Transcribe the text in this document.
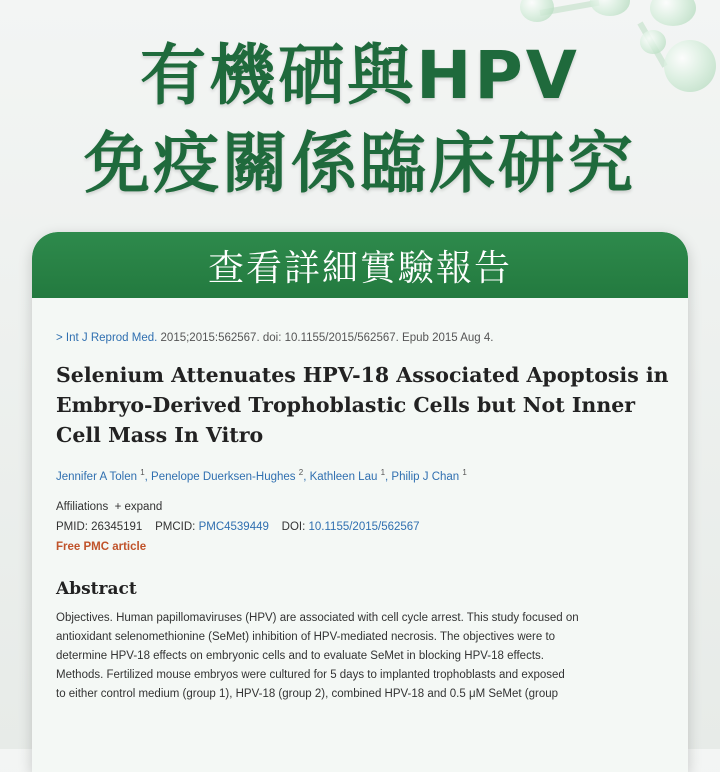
有機硒與HPV
免疫關係臨床研究
查看詳細實驗報告
> Int J Reprod Med. 2015;2015:562567. doi: 10.1155/2015/562567. Epub 2015 Aug 4.
Selenium Attenuates HPV-18 Associated Apoptosis in Embryo-Derived Trophoblastic Cells but Not Inner Cell Mass In Vitro
Jennifer A Tolen $^1$, Penelope Duerksen-Hughes $^2$, Kathleen Lau $^1$, Philip J Chan $^1$
Affiliations + expand
PMID: 26345191 PMCID: PMC4539449 DOI: 10.1155/2015/562567
Free PMC article
Abstract

Objectives. Human papillomaviruses (HPV) are associated with cell cycle arrest. This study focused on

antioxidant selenomethionine (SeMet) inhibition of HPV-mediated necrosis. The objectives were to

determine HPV-18 effects on embryonic cells and to evaluate SeMet in blocking HPV-18 effects.

Methods. Fertilized mouse embryos were cultured for 5 days to implanted trophoblasts and exposed

to either control medium (group 1), HPV-18 (group 2), combined HPV-18 and 0.5 μM SeMet (group
